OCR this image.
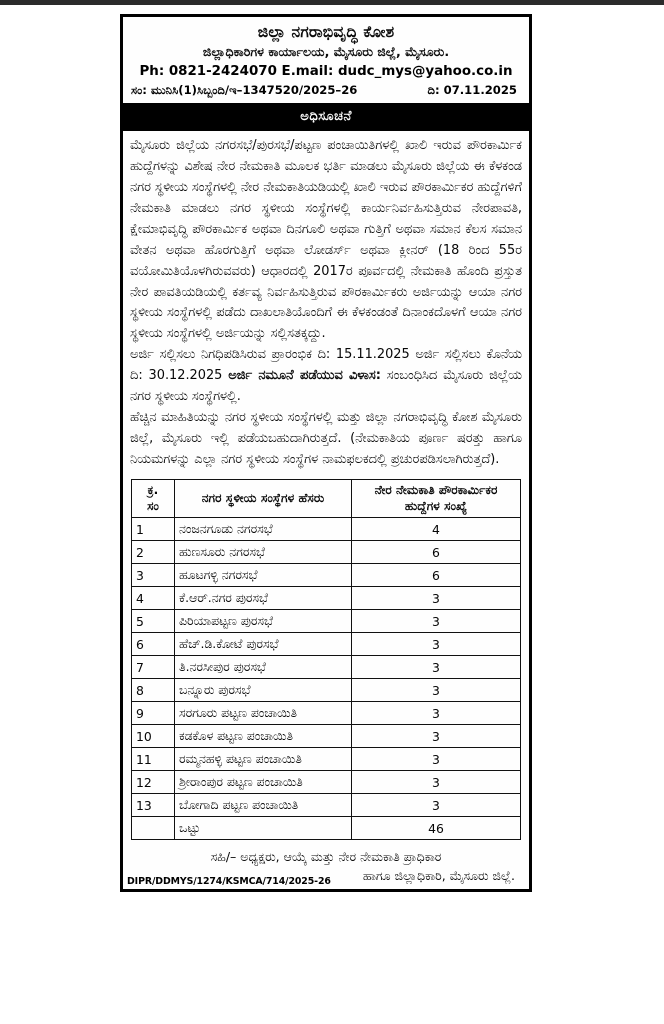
ಜಿಲ್ಲಾ ನಗರಾಭಿವೃದ್ಧಿ ಕೋಶ
ಜಿಲ್ಲಾಧಿಕಾರಿಗಳ ಕಾರ್ಯಾಲಯ, ಮೈಸೂರು ಜಿಲ್ಲೆ, ಮೈಸೂರು.
Ph: 0821-2424070 E.mail: dudc_mys@yahoo.co.in
ಸಂ: ಮುನಿಸಿ(1)ಸಿಬ್ಬಂದಿ/ಇ–1347520/2025–26	ದಿ: 07.11.2025
ಅಧಿಸೂಚನೆ

ಮೈಸೂರು ಜಿಲ್ಲೆಯ ನಗರಸಭೆ/ಪುರಸಭೆ/ಪಟ್ಟಣ ಪಂಚಾಯಿತಿಗಳಲ್ಲಿ ಖಾಲಿ ಇರುವ ಪೌರಕಾರ್ಮಿಕ ಹುದ್ದೆಗಳನ್ನು ವಿಶೇಷ ನೇರ ನೇಮಕಾತಿ ಮೂಲಕ ಭರ್ತಿ ಮಾಡಲು ಮೈಸೂರು ಜಿಲ್ಲೆಯ ಈ ಕೆಳಕಂಡ ನಗರ ಸ್ಥಳೀಯ ಸಂಸ್ಥೆಗಳಲ್ಲಿ ನೇರ ನೇಮಕಾತಿಯಡಿಯಲ್ಲಿ ಖಾಲಿ ಇರುವ ಪೌರಕಾರ್ಮಿಕರ ಹುದ್ದೆಗಳಿಗೆ ನೇಮಕಾತಿ ಮಾಡಲು ನಗರ ಸ್ಥಳೀಯ ಸಂಸ್ಥೆಗಳಲ್ಲಿ ಕಾರ್ಯನಿರ್ವಹಿಸುತ್ತಿರುವ ನೇರಪಾವತಿ, ಕ್ಷೇಮಾಭಿವೃದ್ಧಿ ಪೌರಕಾರ್ಮಿಕ ಅಥವಾ ದಿನಗೂಲಿ ಅಥವಾ ಗುತ್ತಿಗೆ ಅಥವಾ ಸಮಾನ ಕೆಲಸ ಸಮಾನ ವೇತನ ಅಥವಾ ಹೊರಗುತ್ತಿಗೆ ಅಥವಾ ಲೋಡರ್ಸ್ ಅಥವಾ ಕ್ಲೀನರ್ (18 ರಿಂದ 55ರ ವಯೋಮಿತಿಯೊಳಗಿರುವವರು) ಆಧಾರದಲ್ಲಿ 2017ರ ಪೂರ್ವದಲ್ಲಿ ನೇಮಕಾತಿ ಹೊಂದಿ ಪ್ರಸ್ತುತ ನೇರ ಪಾವತಿಯಡಿಯಲ್ಲಿ ಕರ್ತವ್ಯ ನಿರ್ವಹಿಸುತ್ತಿರುವ ಪೌರಕಾರ್ಮಿಕರು ಅರ್ಜಿಯನ್ನು ಆಯಾ ನಗರ ಸ್ಥಳೀಯ ಸಂಸ್ಥೆಗಳಲ್ಲಿ ಪಡೆದು ದಾಖಲಾತಿಯೊಂದಿಗೆ ಈ ಕೆಳಕಂಡಂತೆ ದಿನಾಂಕದೊಳಗೆ ಆಯಾ ನಗರ ಸ್ಥಳೀಯ ಸಂಸ್ಥೆಗಳಲ್ಲಿ ಅರ್ಜಿಯನ್ನು ಸಲ್ಲಿಸತಕ್ಕದ್ದು.

ಅರ್ಜಿ ಸಲ್ಲಿಸಲು ನಿಗಧಿಪಡಿಸಿರುವ ಪ್ರಾರಂಭಿಕ ದಿ: 15.11.2025 ಅರ್ಜಿ ಸಲ್ಲಿಸಲು ಕೊನೆಯ ದಿ: 30.12.2025 ಅರ್ಜಿ ನಮೂನೆ ಪಡೆಯುವ ವಿಳಾಸ: ಸಂಬಂಧಿಸಿದ ಮೈಸೂರು ಜಿಲ್ಲೆಯ ನಗರ ಸ್ಥಳೀಯ ಸಂಸ್ಥೆಗಳಲ್ಲಿ.

ಹೆಚ್ಚಿನ ಮಾಹಿತಿಯನ್ನು ನಗರ ಸ್ಥಳೀಯ ಸಂಸ್ಥೆಗಳಲ್ಲಿ ಮತ್ತು ಜಿಲ್ಲಾ ನಗರಾಭಿವೃದ್ಧಿ ಕೋಶ ಮೈಸೂರು ಜಿಲ್ಲೆ, ಮೈಸೂರು ಇಲ್ಲಿ ಪಡೆಯಬಹುದಾಗಿರುತ್ತದೆ. (ನೇಮಕಾತಿಯ ಪೂರ್ಣ ಷರತ್ತು ಹಾಗೂ ನಿಯಮಗಳನ್ನು ಎಲ್ಲಾ ನಗರ ಸ್ಥಳೀಯ ಸಂಸ್ಥೆಗಳ ನಾಮಫಲಕದಲ್ಲಿ ಪ್ರಚುರಪಡಿಸಲಾಗಿರುತ್ತದೆ).

ಕ್ರ.
ಸಂ
	ನಗರ ಸ್ಥಳೀಯ ಸಂಸ್ಥೆಗಳ ಹೆಸರು	
ನೇರ ನೇಮಕಾತಿ ಪೌರಕಾರ್ಮಿಕರ
ಹುದ್ದೆಗಳ ಸಂಖ್ಯೆ

1	ನಂಜನಗೂಡು ನಗರಸಭೆ	4
2	ಹುಣಸೂರು ನಗರಸಭೆ	6
3	ಹೂಟಗಳ್ಳಿ ನಗರಸಭೆ	6
4	ಕೆ.ಆರ್.ನಗರ ಪುರಸಭೆ	3
5	ಪಿರಿಯಾಪಟ್ಟಣ ಪುರಸಭೆ	3
6	ಹೆಚ್.ಡಿ.ಕೋಟೆ ಪುರಸಭೆ	3
7	ತಿ.ನರಸೀಪುರ ಪುರಸಭೆ	3
8	ಬನ್ನೂರು ಪುರಸಭೆ	3
9	ಸರಗೂರು ಪಟ್ಟಣ ಪಂಚಾಯಿತಿ	3
10	ಕಡಕೊಳ ಪಟ್ಟಣ ಪಂಚಾಯಿತಿ	3
11	ರಮ್ಮನಹಳ್ಳಿ ಪಟ್ಟಣ ಪಂಚಾಯಿತಿ	3
12	ಶ್ರೀರಾಂಪುರ ಪಟ್ಟಣ ಪಂಚಾಯಿತಿ	3
13	ಬೋಗಾದಿ ಪಟ್ಟಣ ಪಂಚಾಯಿತಿ	3
	ಒಟ್ಟು	46
ಸಹಿ/– ಅಧ್ಯಕ್ಷರು, ಆಯ್ಕೆ ಮತ್ತು ನೇರ ನೇಮಕಾತಿ ಪ್ರಾಧಿಕಾರ
ಹಾಗೂ ಜಿಲ್ಲಾಧಿಕಾರಿ, ಮೈಸೂರು ಜಿಲ್ಲೆ.
DIPR/DDMYS/1274/KSMCA/714/2025-26
